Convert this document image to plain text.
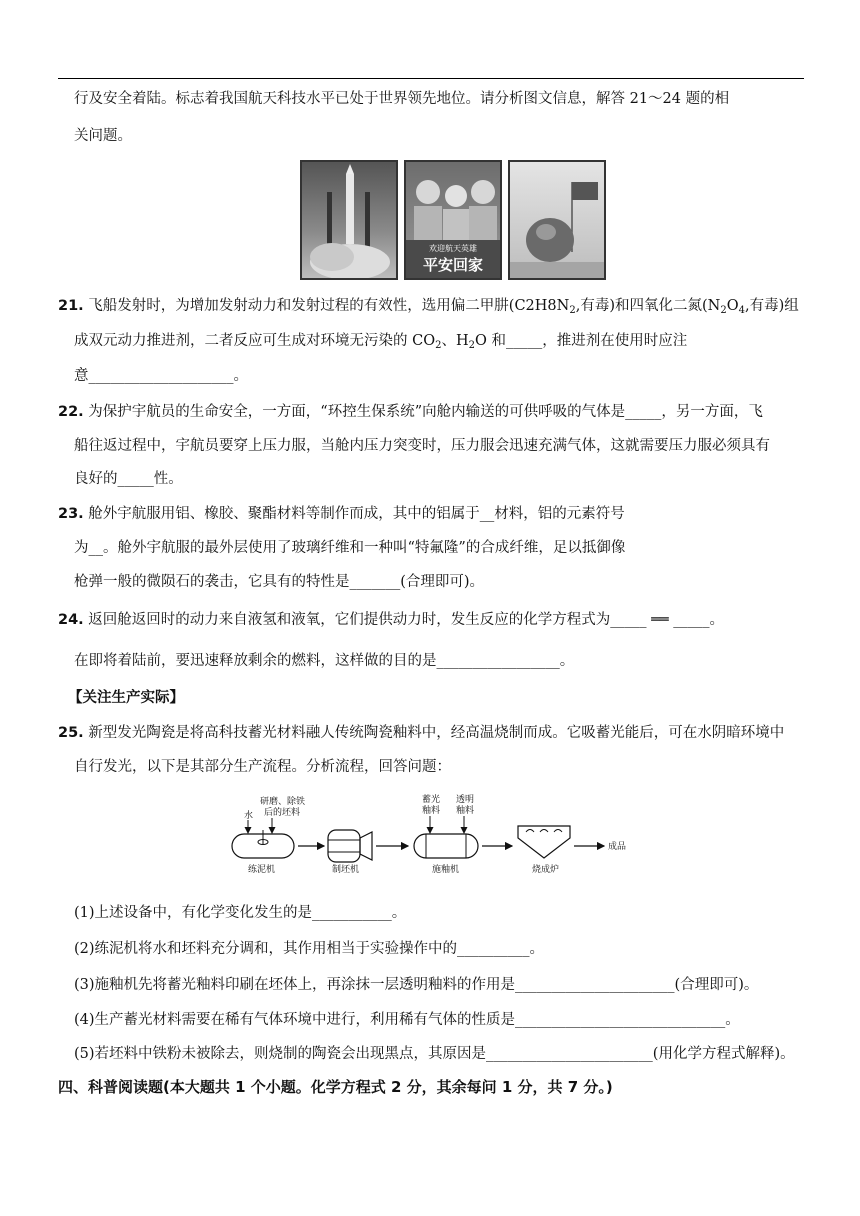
行及安全着陆。标志着我国航天科技水平已处于世界领先地位。请分析图文信息，解答 21～24 题的相
关问题。
欢迎航天英雄
平安回家
21. 飞船发射时，为增加发射动力和发射过程的有效性，选用偏二甲肼($C2H8N_2$,有毒)和四氧化二氮($N_2O_4$,有毒)组
成双元动力推进剂，二者反应可生成对环境无污染的 $CO_2$、$H_2O$ 和_____，推进剂在使用时应注
意____________________。
22. 为保护宇航员的生命安全，一方面，“环控生保系统”向舱内输送的可供呼吸的气体是_____，另一方面，飞
船往返过程中，宇航员要穿上压力服，当舱内压力突变时，压力服会迅速充满气体，这就需要压力服必须具有
良好的_____性。
23. 舱外宇航服用铝、橡胶、聚酯材料等制作而成，其中的铝属于__材料，铝的元素符号
为__。舱外宇航服的最外层使用了玻璃纤维和一种叫“特氟隆”的合成纤维，足以抵御像
枪弹一般的微陨石的袭击，它具有的特性是_______(合理即可)。
24. 返回舱返回时的动力来自液氢和液氧，它们提供动力时，发生反应的化学方程式为_____ ══ _____。
在即将着陆前，要迅速释放剩余的燃料，这样做的目的是_________________。
【关注生产实际】
25. 新型发光陶瓷是将高科技蓄光材料融人传统陶瓷釉料中，经高温烧制而成。它吸蓄光能后，可在水阴暗环境中
自行发光，以下是其部分生产流程。分析流程，回答问题：
水
研磨、除铁
后的坯料
练泥机	制坯机
蓄光
釉料
透明
釉料
施釉机	烧成炉
成品
(1)上述设备中，有化学变化发生的是___________。
(2)练泥机将水和坯料充分调和，其作用相当于实验操作中的__________。
(3)施釉机先将蓄光釉料印刷在坯体上，再涂抹一层透明釉料的作用是______________________(合理即可)。
(4)生产蓄光材料需要在稀有气体环境中进行，利用稀有气体的性质是_____________________________。
(5)若坯料中铁粉未被除去，则烧制的陶瓷会出现黑点，其原因是_______________________(用化学方程式解释)。
四、科普阅读题(本大题共 1 个小题。化学方程式 2 分，其余每问 1 分，共 7 分。)
